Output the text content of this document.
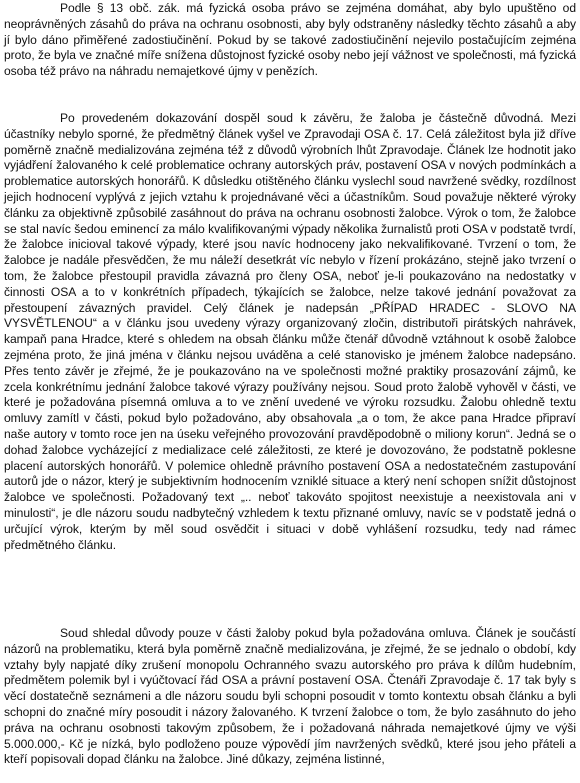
Podle § 13 obč. zák. má fyzická osoba právo se zejména domáhat, aby bylo upuštěno od neoprávněných zásahů do práva na ochranu osobnosti, aby byly odstraněny následky těchto zásahů a aby jí bylo dáno přiměřené zadostiučinění. Pokud by se takové zadostiučinění nejevilo postačujícím zejména proto, že byla ve značné míře snížena důstojnost fyzické osoby nebo její vážnost ve společnosti, má fyzická osoba též právo na náhradu nemajetkové újmy v penězích.

Po provedeném dokazování dospěl soud k závěru, že žaloba je částečně důvodná. Mezi účastníky nebylo sporné, že předmětný článek vyšel ve Zpravodaji OSA č. 17. Celá záležitost byla již dříve poměrně značně medializována zejména též z důvodů výrobních lhůt Zpravodaje. Článek lze hodnotit jako vyjádření žalovaného k celé problematice ochrany autorských práv, postavení OSA v nových podmínkách a problematice autorských honorářů. K důsledku otištěného článku vyslechl soud navržené svědky, rozdílnost jejich hodnocení vyplývá z jejich vztahu k projednávané věci a účastníkům. Soud považuje některé výroky článku za objektivně způsobilé zasáhnout do práva na ochranu osobnosti žalobce. Výrok o tom, že žalobce se stal navíc šedou eminencí za málo kvalifikovanými výpady několika žurnalistů proti OSA v podstatě tvrdí, že žalobce inicioval takové výpady, které jsou navíc hodnoceny jako nekvalifikované. Tvrzení o tom, že žalobce je nadále přesvědčen, že mu náleží desetkrát víc nebylo v řízení prokázáno, stejně jako tvrzení o tom, že žalobce přestoupil pravidla závazná pro členy OSA, neboť je-li poukazováno na nedostatky v činnosti OSA a to v konkrétních případech, týkajících se žalobce, nelze takové jednání považovat za přestoupení závazných pravidel. Celý článek je nadepsán „PŘÍPAD HRADEC - SLOVO NA VYSVĚTLENOU“ a v článku jsou uvedeny výrazy organizovaný zločin, distributoři pirátských nahrávek, kampaň pana Hradce, které s ohledem na obsah článku může čtenář důvodně vztáhnout k osobě žalobce zejména proto, že jiná jména v článku nejsou uváděna a celé stanovisko je jménem žalobce nadepsáno. Přes tento závěr je zřejmé, že je poukazováno na ve společnosti možné praktiky prosazování zájmů, ke zcela konkrétnímu jednání žalobce takové výrazy používány nejsou. Soud proto žalobě vyhověl v části, ve které je požadována písemná omluva a to ve znění uvedené ve výroku rozsudku. Žalobu ohledně textu omluvy zamítl v části, pokud bylo požadováno, aby obsahovala „a o tom, že akce pana Hradce připraví naše autory v tomto roce jen na úseku veřejného provozování pravděpodobně o miliony korun“. Jedná se o dohad žalobce vycházející z medializace celé záležitosti, ze které je dovozováno, že podstatně poklesne placení autorských honorářů. V polemice ohledně právního postavení OSA a nedostatečném zastupování autorů jde o názor, který je subjektivním hodnocením vzniklé situace a který není schopen snížit důstojnost žalobce ve společnosti. Požadovaný text „.. neboť takováto spojitost neexistuje a neexistovala ani v minulosti“, je dle názoru soudu nadbytečný vzhledem k textu přiznané omluvy, navíc se v podstatě jedná o určující výrok, kterým by měl soud osvědčit i situaci v době vyhlášení rozsudku, tedy nad rámec předmětného článku.

Soud shledal důvody pouze v části žaloby pokud byla požadována omluva. Článek je součástí názorů na problematiku, která byla poměrně značně medializována, je zřejmé, že se jednalo o období, kdy vztahy byly napjaté díky zrušení monopolu Ochranného svazu autorského pro práva k dílům hudebním, předmětem polemik byl i vyúčtovací řád OSA a právní postavení OSA. Čtenáři Zpravodaje č. 17 tak byly s věcí dostatečně seznámeni a dle názoru soudu byli schopni posoudit v tomto kontextu obsah článku a byli schopni do značné míry posoudit i názory žalovaného. K tvrzení žalobce o tom, že bylo zasáhnuto do jeho práva na ochranu osobnosti takovým způsobem, že i požadovaná náhrada nemajetkové újmy ve výši 5.000.000,- Kč je nízká, bylo podloženo pouze výpovědí jím navržených svědků, které jsou jeho přáteli a kteří popisovali dopad článku na žalobce. Jiné důkazy, zejména listinné,
